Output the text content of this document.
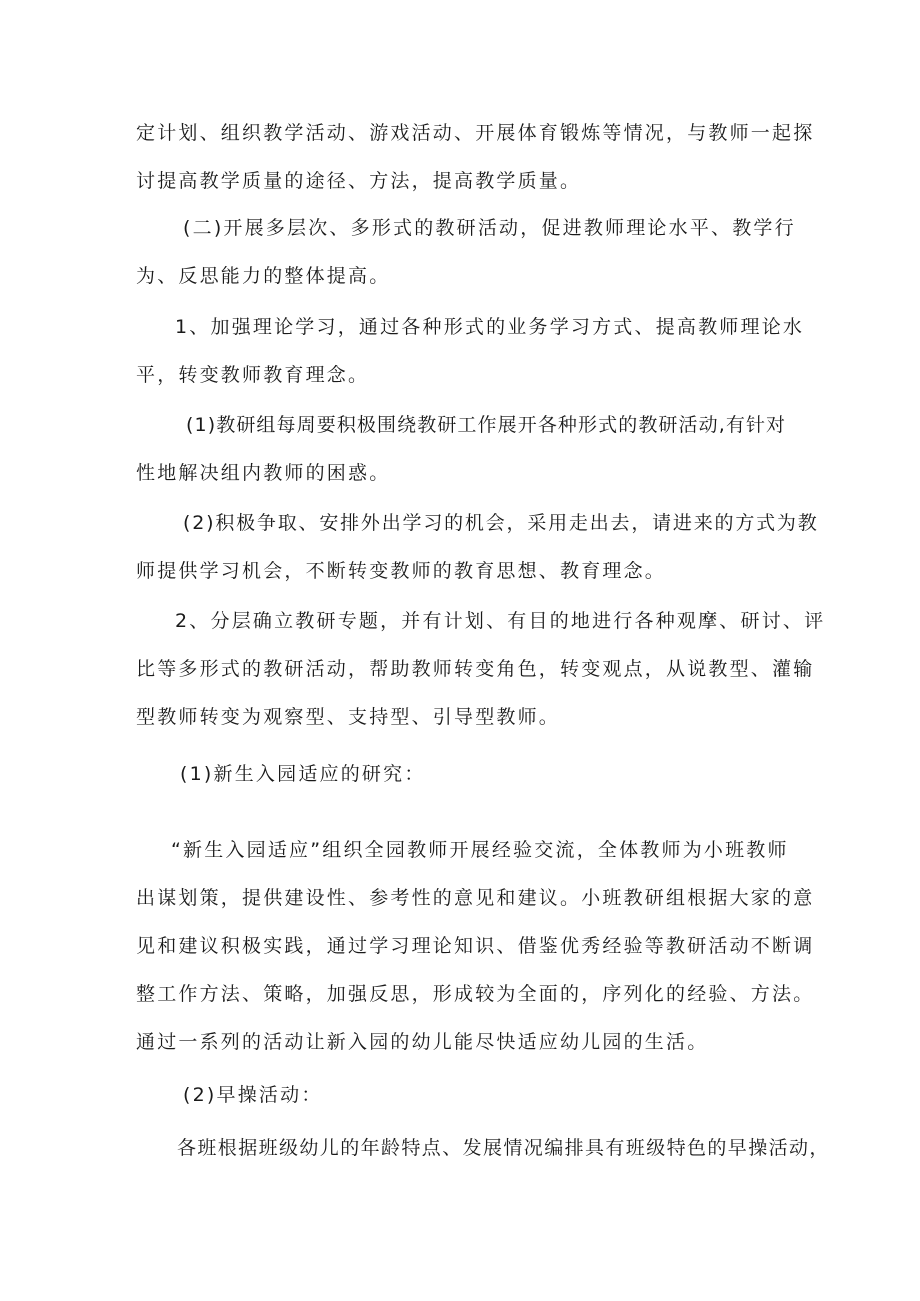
定计划、组织教学活动、游戏活动、开展体育锻炼等情况，与教师一起探
讨提高教学质量的途径、方法，提高教学质量。
(二)开展多层次、多形式的教研活动，促进教师理论水平、教学行
为、反思能力的整体提高。
1、加强理论学习，通过各种形式的业务学习方式、提高教师理论水
平，转变教师教育理念。
(1)教研组每周要积极围绕教研工作展开各种形式的教研活动,有针对
性地解决组内教师的困惑。
(2)积极争取、安排外出学习的机会，采用走出去，请进来的方式为教
师提供学习机会，不断转变教师的教育思想、教育理念。
2、分层确立教研专题，并有计划、有目的地进行各种观摩、研讨、评
比等多形式的教研活动，帮助教师转变角色，转变观点，从说教型、灌输
型教师转变为观察型、支持型、引导型教师。
(1)新生入园适应的研究：
“新生入园适应”组织全园教师开展经验交流，全体教师为小班教师
出谋划策，提供建设性、参考性的意见和建议。小班教研组根据大家的意
见和建议积极实践，通过学习理论知识、借鉴优秀经验等教研活动不断调
整工作方法、策略，加强反思，形成较为全面的，序列化的经验、方法。
通过一系列的活动让新入园的幼儿能尽快适应幼儿园的生活。
(2)早操活动：
各班根据班级幼儿的年龄特点、发展情况编排具有班级特色的早操活动，
